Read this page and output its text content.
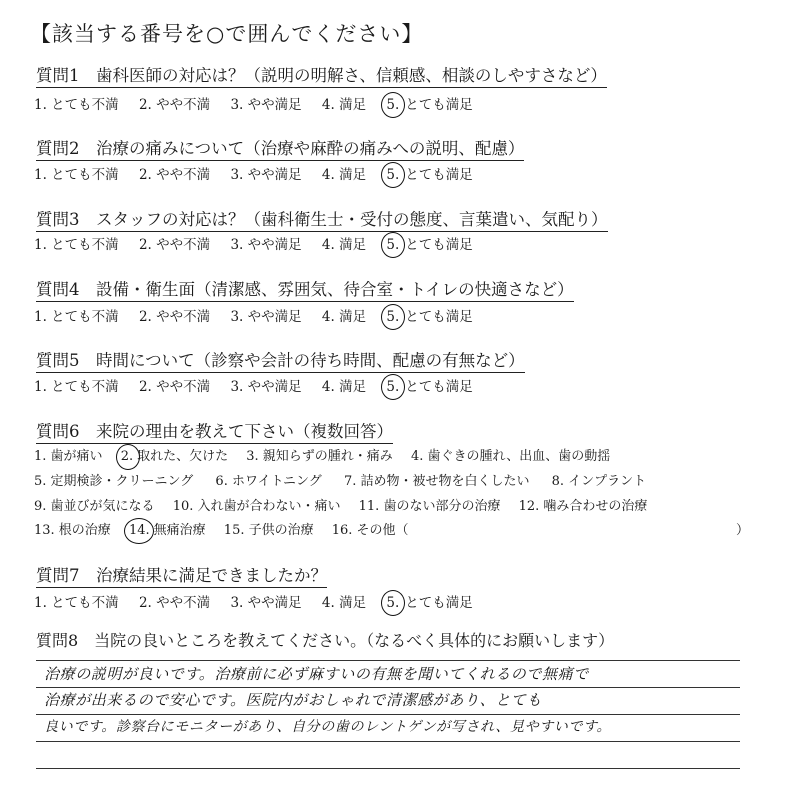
【該当する番号を○で囲んでください】
質問1　歯科医師の対応は？（説明の明解さ、信頼感、相談のしやすさなど）
1. とても不満 2. やや不満 3. やや満足 4. 満足 5. とても満足
質問2　治療の痛みについて（治療や麻酔の痛みへの説明、配慮）
1. とても不満 2. やや不満 3. やや満足 4. 満足 5. とても満足
質問3　スタッフの対応は？（歯科衛生士・受付の態度、言葉遣い、気配り）
1. とても不満 2. やや不満 3. やや満足 4. 満足 5. とても満足
質問4　設備・衛生面（清潔感、雰囲気、待合室・トイレの快適さなど）
1. とても不満 2. やや不満 3. やや満足 4. 満足 5. とても満足
質問5　時間について（診察や会計の待ち時間、配慮の有無など）
1. とても不満 2. やや不満 3. やや満足 4. 満足 5. とても満足
質問6　来院の理由を教えて下さい（複数回答）
1. 歯が痛い 2. 取れた、欠けた 3. 親知らずの腫れ・痛み 4. 歯ぐきの腫れ、出血、歯の動揺
5. 定期検診・クリーニング 6. ホワイトニング 7. 詰め物・被せ物を白くしたい 8. インプラント
9. 歯並びが気になる 10. 入れ歯が合わない・痛い 11. 歯のない部分の治療 12. 噛み合わせの治療
13. 根の治療 14. 無痛治療 15. 子供の治療 16. その他（	）
質問7　治療結果に満足できましたか？
1. とても不満 2. やや不満 3. やや満足 4. 満足 5. とても満足
質問8　当院の良いところを教えてください。（なるべく具体的にお願いします）
治療の説明が良いです。治療前に必ず麻すいの有無を聞いてくれるので無痛で
治療が出来るので安心です。医院内がおしゃれで清潔感があり、とても
良いです。診察台にモニターがあり、自分の歯のレントゲンが写され、見やすいです。
